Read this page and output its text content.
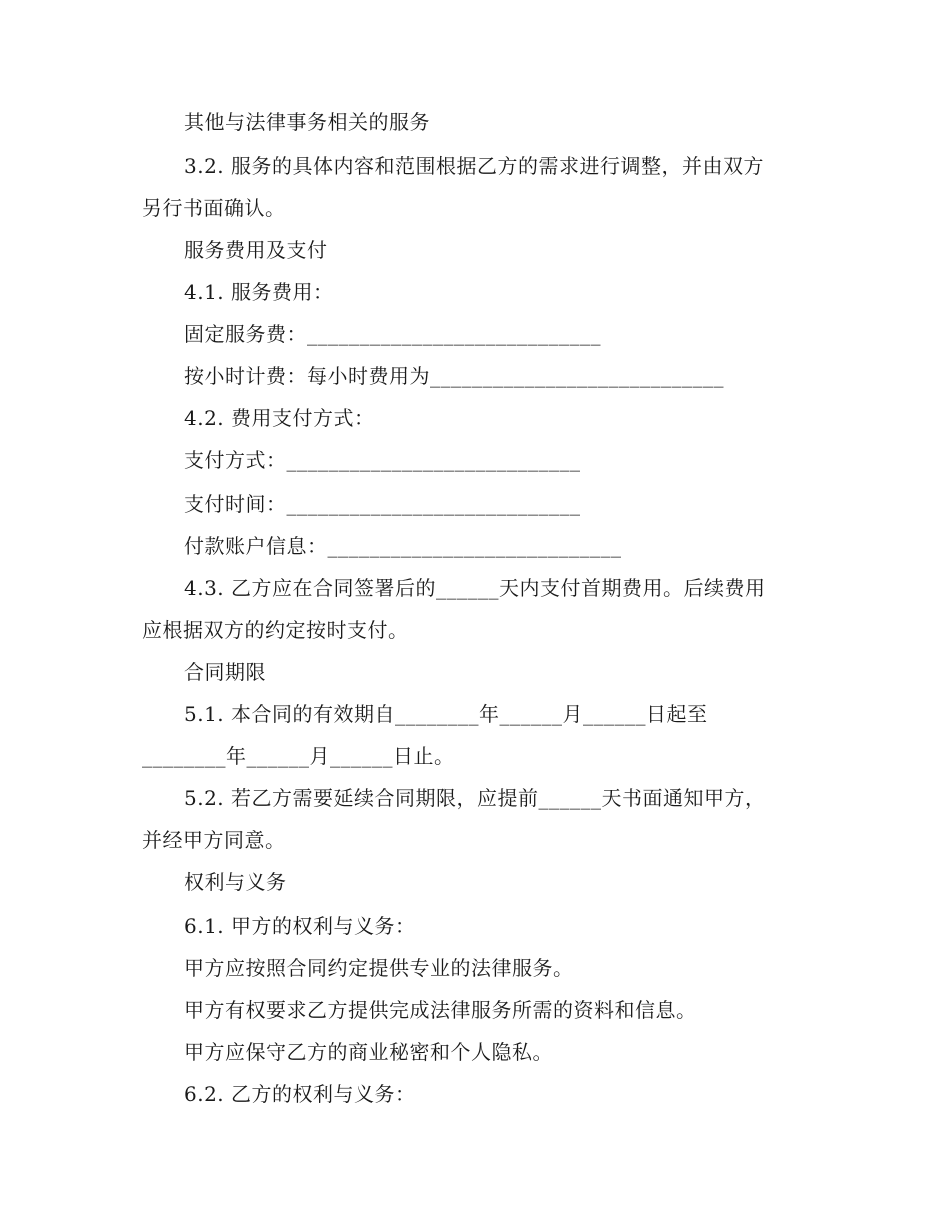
其他与法律事务相关的服务
3.2. 服务的具体内容和范围根据乙方的需求进行调整，并由双方
另行书面确认。
服务费用及支付
4.1. 服务费用：
固定服务费：____________________________
按小时计费：每小时费用为____________________________
4.2. 费用支付方式：
支付方式：____________________________
支付时间：____________________________
付款账户信息：____________________________
4.3. 乙方应在合同签署后的______天内支付首期费用。后续费用
应根据双方的约定按时支付。
合同期限
5.1. 本合同的有效期自________年______月______日起至
________年______月______日止。
5.2. 若乙方需要延续合同期限，应提前______天书面通知甲方，
并经甲方同意。
权利与义务
6.1. 甲方的权利与义务：
甲方应按照合同约定提供专业的法律服务。
甲方有权要求乙方提供完成法律服务所需的资料和信息。
甲方应保守乙方的商业秘密和个人隐私。
6.2. 乙方的权利与义务：
